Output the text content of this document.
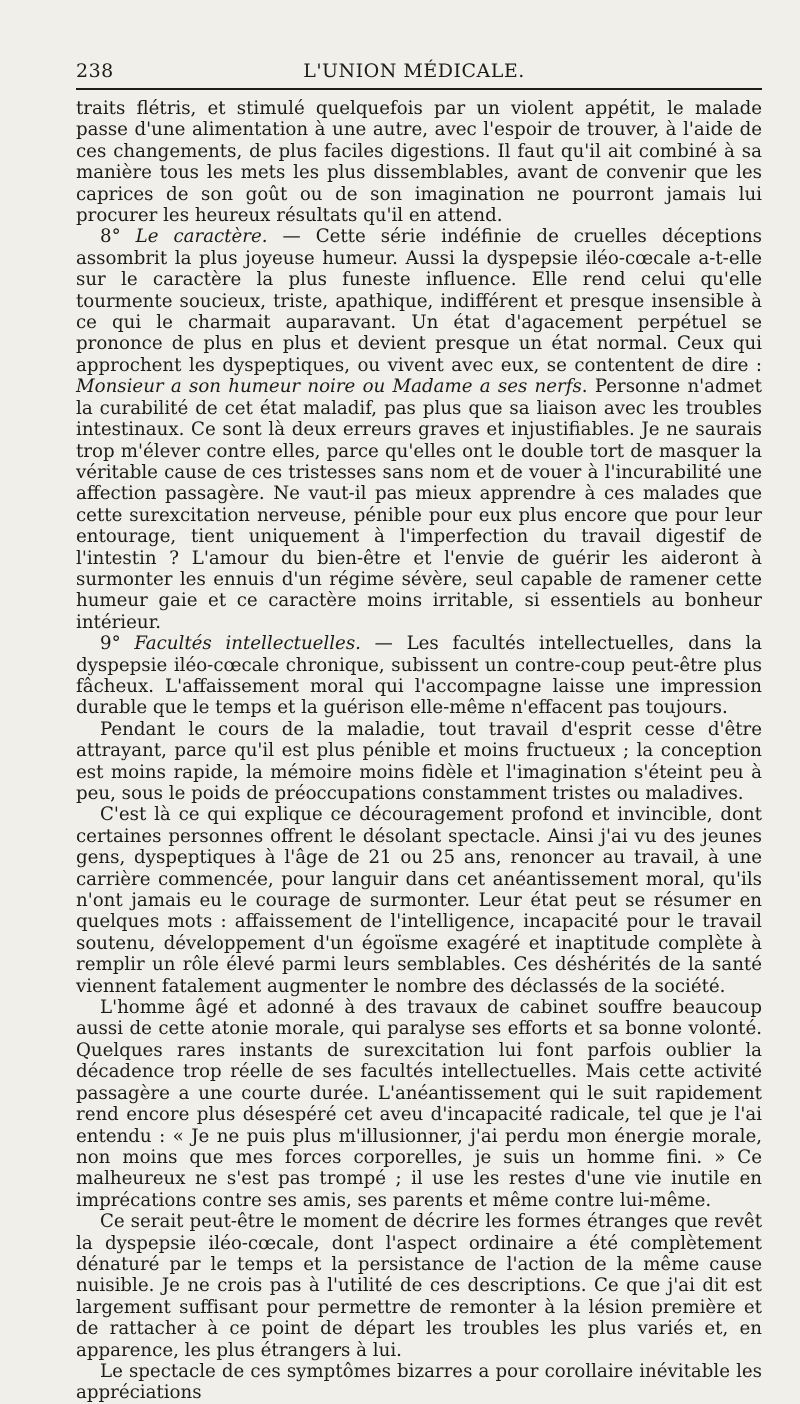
238	L'UNION MÉDICALE.

traits flétris, et stimulé quelquefois par un violent appétit, le malade passe d'une alimentation à une autre, avec l'espoir de trouver, à l'aide de ces changements, de plus faciles digestions. Il faut qu'il ait combiné à sa manière tous les mets les plus dissemblables, avant de convenir que les caprices de son goût ou de son imagination ne pourront jamais lui procurer les heureux résultats qu'il en attend.

8° Le caractère. — Cette série indéfinie de cruelles déceptions assombrit la plus joyeuse humeur. Aussi la dyspepsie iléo-cœcale a-t-elle sur le caractère la plus funeste influence. Elle rend celui qu'elle tourmente soucieux, triste, apathique, indifférent et presque insensible à ce qui le charmait auparavant. Un état d'agacement perpétuel se prononce de plus en plus et devient presque un état normal. Ceux qui approchent les dyspeptiques, ou vivent avec eux, se contentent de dire : Monsieur a son humeur noire ou Madame a ses nerfs. Personne n'admet la curabilité de cet état maladif, pas plus que sa liaison avec les troubles intestinaux. Ce sont là deux erreurs graves et injustifiables. Je ne saurais trop m'élever contre elles, parce qu'elles ont le double tort de masquer la véritable cause de ces tristesses sans nom et de vouer à l'incurabilité une affection passagère. Ne vaut-il pas mieux apprendre à ces malades que cette surexcitation nerveuse, pénible pour eux plus encore que pour leur entourage, tient uniquement à l'imperfection du travail digestif de l'intestin ? L'amour du bien-être et l'envie de guérir les aideront à surmonter les ennuis d'un régime sévère, seul capable de ramener cette humeur gaie et ce caractère moins irritable, si essentiels au bonheur intérieur.

9° Facultés intellectuelles. — Les facultés intellectuelles, dans la dyspepsie iléo-cœcale chronique, subissent un contre-coup peut-être plus fâcheux. L'affaissement moral qui l'accompagne laisse une impression durable que le temps et la guérison elle-même n'effacent pas toujours.

Pendant le cours de la maladie, tout travail d'esprit cesse d'être attrayant, parce qu'il est plus pénible et moins fructueux ; la conception est moins rapide, la mémoire moins fidèle et l'imagination s'éteint peu à peu, sous le poids de préoccupations constamment tristes ou maladives.

C'est là ce qui explique ce découragement profond et invincible, dont certaines personnes offrent le désolant spectacle. Ainsi j'ai vu des jeunes gens, dyspeptiques à l'âge de 21 ou 25 ans, renoncer au travail, à une carrière commencée, pour languir dans cet anéantissement moral, qu'ils n'ont jamais eu le courage de surmonter. Leur état peut se résumer en quelques mots : affaissement de l'intelligence, incapacité pour le travail soutenu, développement d'un égoïsme exagéré et inaptitude complète à remplir un rôle élevé parmi leurs semblables. Ces déshérités de la santé viennent fatalement augmenter le nombre des déclassés de la société.

L'homme âgé et adonné à des travaux de cabinet souffre beaucoup aussi de cette atonie morale, qui paralyse ses efforts et sa bonne volonté. Quelques rares instants de surexcitation lui font parfois oublier la décadence trop réelle de ses facultés intellectuelles. Mais cette activité passagère a une courte durée. L'anéantissement qui le suit rapidement rend encore plus désespéré cet aveu d'incapacité radicale, tel que je l'ai entendu : « Je ne puis plus m'illusionner, j'ai perdu mon énergie morale, non moins que mes forces corporelles, je suis un homme fini. » Ce malheureux ne s'est pas trompé ; il use les restes d'une vie inutile en imprécations contre ses amis, ses parents et même contre lui-même.

Ce serait peut-être le moment de décrire les formes étranges que revêt la dyspepsie iléo-cœcale, dont l'aspect ordinaire a été complètement dénaturé par le temps et la persistance de l'action de la même cause nuisible. Je ne crois pas à l'utilité de ces descriptions. Ce que j'ai dit est largement suffisant pour permettre de remonter à la lésion première et de rattacher à ce point de départ les troubles les plus variés et, en apparence, les plus étrangers à lui.

Le spectacle de ces symptômes bizarres a pour corollaire inévitable les appréciations
